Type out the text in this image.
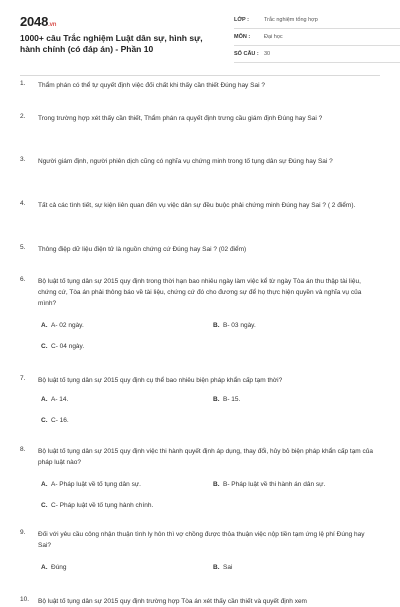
2048.vn
1000+ câu Trắc nghiệm Luật dân sự, hình sự, hành chính (có đáp án) - Phần 10
LỚP :	Trắc nghiệm tổng hợp
MÔN :	Đại học
SỐ CÂU : 30
1.	Thẩm phán có thể tự quyết định việc đối chất khi thấy cần thiết Đúng hay Sai ?
2.	Trong trường hợp xét thấy cần thiết, Thẩm phán ra quyết định trưng cầu giám định Đúng hay Sai ?
3.	Người giám định, người phiên dịch cũng có nghĩa vụ chứng minh trong tố tụng dân sự Đúng hay Sai ?
4.	Tất cả các tình tiết, sự kiện liên quan đến vụ việc dân sự đều buộc phải chứng minh Đúng hay Sai ? ( 2 điểm).
5.	Thông điệp dữ liệu điện tử là nguồn chứng cứ Đúng hay Sai ? (02 điểm)
6.	Bộ luật tố tụng dân sự 2015 quy định trong thời hạn bao nhiêu ngày làm việc kể từ ngày Tòa án thu thập tài liệu, chứng cứ, Tòa án phải thông báo về tài liệu, chứng cứ đó cho đương sự để họ thực hiện quyền và nghĩa vụ của mình?
A. A- 02 ngày.	B. B- 03 ngày.
C. C- 04 ngày.
7.	Bộ luật tố tụng dân sự 2015 quy định cụ thể bao nhiêu biện pháp khẩn cấp tạm thời?
A. A- 14.	B. B- 15.
C. C- 16.
8.	Bộ luật tố tụng dân sự 2015 quy định việc thi hành quyết định áp dụng, thay đổi, hủy bỏ biện pháp khẩn cấp tạm của pháp luật nào?
A. A- Pháp luật về tố tụng dân sự.	B. B- Pháp luật về thi hành án dân sự.
C. C- Pháp luật về tố tụng hành chính.
9.	Đối với yêu cầu công nhận thuận tình ly hôn thì vợ chồng được thỏa thuận việc nộp tiền tạm ứng lệ phí Đúng hay Sai?
A. Đúng	B. Sai
10.	Bộ luật tố tụng dân sự 2015 quy định trường hợp Tòa án xét thấy cần thiết và quyết định xem
